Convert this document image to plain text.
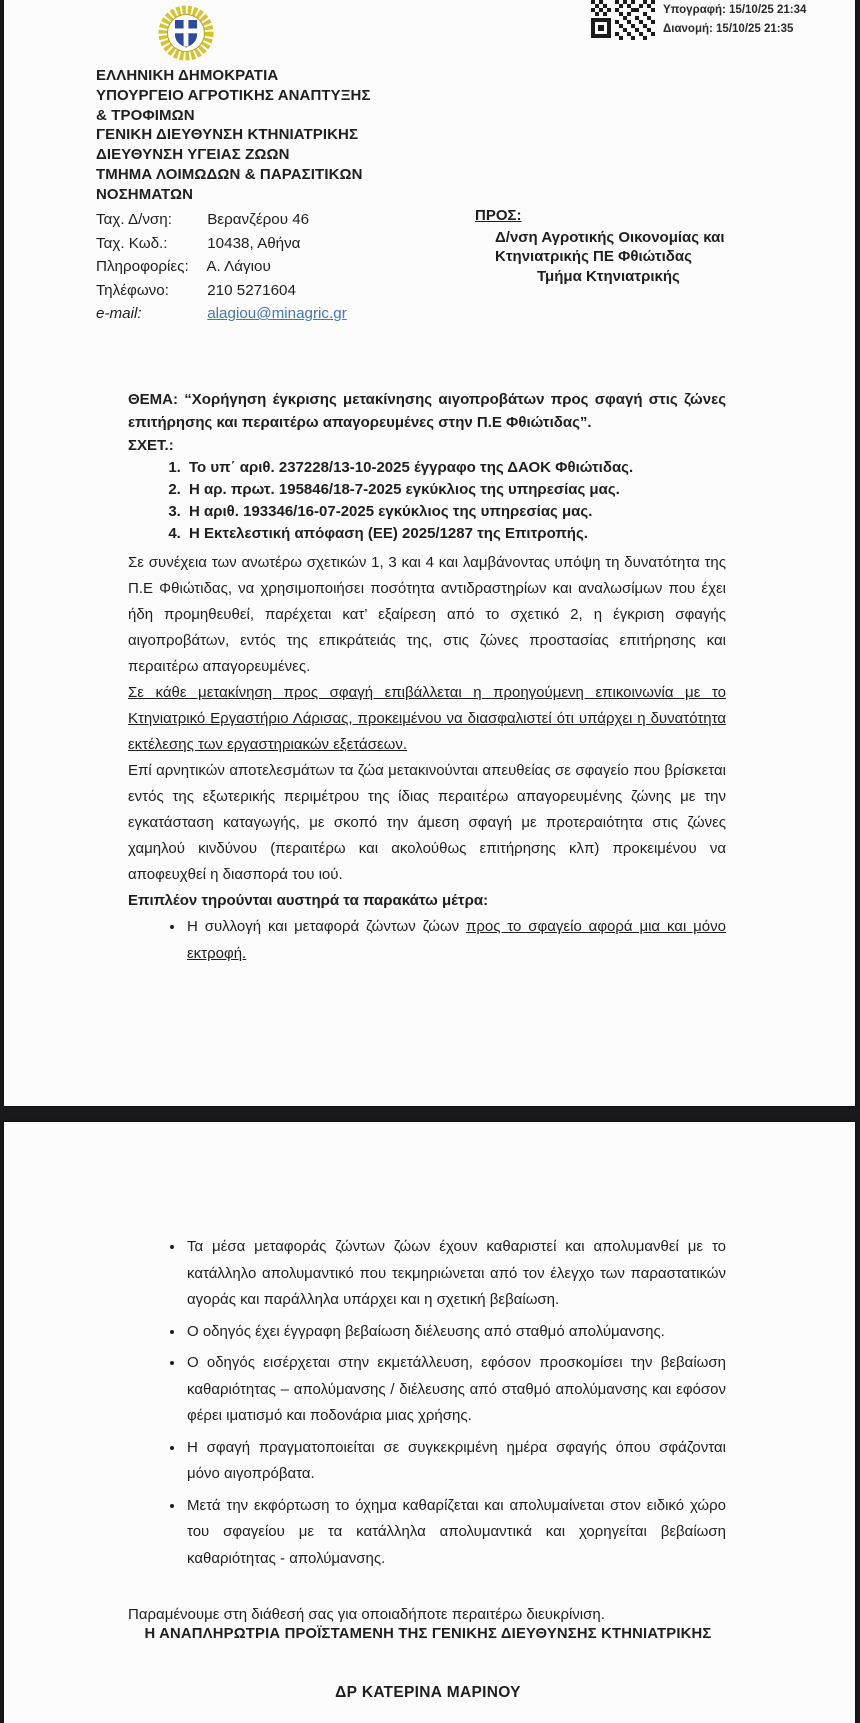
Υπογραφή: 15/10/25 21:34
Διανομή: 15/10/25 21:35
ΕΛΛΗΝΙΚΗ ΔΗΜΟΚΡΑΤΙΑ
ΥΠΟΥΡΓΕΙΟ ΑΓΡΟΤΙΚΗΣ ΑΝΑΠΤΥΞΗΣ
& ΤΡΟΦΙΜΩΝ
ΓΕΝΙΚΗ ΔΙΕΥΘΥΝΣΗ ΚΤΗΝΙΑΤΡΙΚΗΣ
ΔΙΕΥΘΥΝΣΗ ΥΓΕΙΑΣ ΖΩΩΝ
ΤΜΗΜΑ ΛΟΙΜΩΔΩΝ & ΠΑΡΑΣΙΤΙΚΩΝ
ΝΟΣΗΜΑΤΩΝ
Ταχ. Δ/νση: Βερανζέρου 46
Ταχ. Κωδ.:	10438, Αθήνα
Πληροφορίες: Α. Λάγιου
Τηλέφωνο:	210 5271604
e-mail:	alagiou@minagric.gr
ΠΡΟΣ:
Δ/νση Αγροτικής Οικονομίας και
Κτηνιατρικής ΠΕ Φθιώτιδας
Τμήμα Κτηνιατρικής

ΘΕΜΑ: “Χορήγηση έγκρισης μετακίνησης αιγοπροβάτων προς σφαγή στις ζώνες επιτήρησης και περαιτέρω απαγορευμένες στην Π.Ε Φθιώτιδας”.

ΣΧΕΤ.:

1. Το υπ΄ αριθ. 237228/13-10-2025 έγγραφο της ΔΑΟΚ Φθιώτιδας.
2. Η αρ. πρωτ. 195846/18-7-2025 εγκύκλιος της υπηρεσίας μας.
3. Η αριθ. 193346/16-07-2025 εγκύκλιος της υπηρεσίας μας.
4. Η Εκτελεστική απόφαση (ΕΕ) 2025/1287 της Επιτροπής.

Σε συνέχεια των ανωτέρω σχετικών 1, 3 και 4 και λαμβάνοντας υπόψη τη δυνατότητα της Π.Ε Φθιώτιδας, να χρησιμοποιήσει ποσότητα αντιδραστηρίων και αναλωσίμων που έχει ήδη προμηθευθεί, παρέχεται κατ’ εξαίρεση από το σχετικό 2, η έγκριση σφαγής αιγοπροβάτων, εντός της επικράτειάς της, στις ζώνες προστασίας επιτήρησης και περαιτέρω απαγορευμένες.

Σε κάθε μετακίνηση προς σφαγή επιβάλλεται η προηγούμενη επικοινωνία με το Κτηνιατρικό Εργαστήριο Λάρισας, προκειμένου να διασφαλιστεί ότι υπάρχει η δυνατότητα εκτέλεσης των εργαστηριακών εξετάσεων.

Επί αρνητικών αποτελεσμάτων τα ζώα μετακινούνται απευθείας σε σφαγείο που βρίσκεται εντός της εξωτερικής περιμέτρου της ίδιας περαιτέρω απαγορευμένης ζώνης με την εγκατάσταση καταγωγής, με σκοπό την άμεση σφαγή με προτεραιότητα στις ζώνες χαμηλού κινδύνου (περαιτέρω και ακολούθως επιτήρησης κλπ) προκειμένου να αποφευχθεί η διασπορά του ιού.

Επιπλέον τηρούνται αυστηρά τα παρακάτω μέτρα:

• Η συλλογή και μεταφορά ζώντων ζώων προς το σφαγείο αφορά μια και μόνο εκτροφή.
• Τα μέσα μεταφοράς ζώντων ζώων έχουν καθαριστεί και απολυμανθεί με το κατάλληλο απολυμαντικό που τεκμηριώνεται από τον έλεγχο των παραστατικών αγοράς και παράλληλα υπάρχει και η σχετική βεβαίωση.
• Ο οδηγός έχει έγγραφη βεβαίωση διέλευσης από σταθμό απολύμανσης.
• Ο οδηγός εισέρχεται στην εκμετάλλευση, εφόσον προσκομίσει την βεβαίωση καθαριότητας – απολύμανσης / διέλευσης από σταθμό απολύμανσης και εφόσον φέρει ιματισμό και ποδονάρια μιας χρήσης.
• Η σφαγή πραγματοποιείται σε συγκεκριμένη ημέρα σφαγής όπου σφάζονται μόνο αιγοπρόβατα.
• Μετά την εκφόρτωση το όχημα καθαρίζεται και απολυμαίνεται στον ειδικό χώρο του σφαγείου με τα κατάλληλα απολυμαντικά και χορηγείται βεβαίωση καθαριότητας - απολύμανσης.

Παραμένουμε στη διάθεσή σας για οποιαδήποτε περαιτέρω διευκρίνιση.

Η ΑΝΑΠΛΗΡΩΤΡΙΑ ΠΡΟΪΣΤΑΜΕΝΗ ΤΗΣ ΓΕΝΙΚΗΣ ΔΙΕΥΘΥΝΣΗΣ ΚΤΗΝΙΑΤΡΙΚΗΣ
ΔΡ ΚΑΤΕΡΙΝΑ ΜΑΡΙΝΟΥ
